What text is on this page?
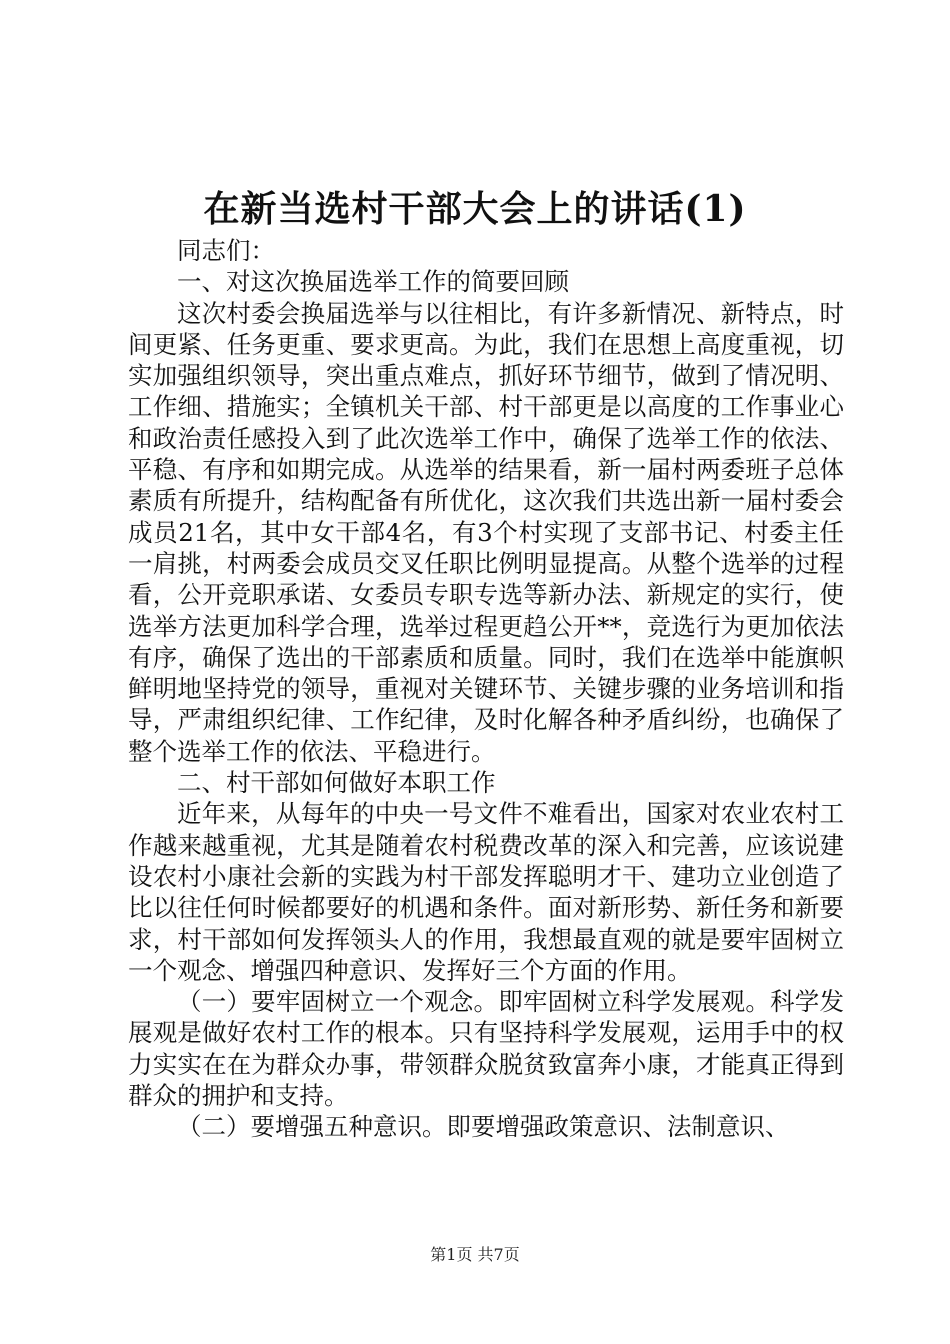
在新当选村干部大会上的讲话(1)

同志们：

一、对这次换届选举工作的简要回顾

这次村委会换届选举与以往相比，有许多新情况、新特点，时间更紧、任务更重、要求更高。为此，我们在思想上高度重视，切实加强组织领导，突出重点难点，抓好环节细节，做到了情况明、工作细、措施实；全镇机关干部、村干部更是以高度的工作事业心和政治责任感投入到了此次选举工作中，确保了选举工作的依法、平稳、有序和如期完成。从选举的结果看，新一届村两委班子总体素质有所提升，结构配备有所优化，这次我们共选出新一届村委会成员21名，其中女干部4名，有3个村实现了支部书记、村委主任一肩挑，村两委会成员交叉任职比例明显提高。从整个选举的过程看，公开竞职承诺、女委员专职专选等新办法、新规定的实行，使选举方法更加科学合理，选举过程更趋公开**，竞选行为更加依法有序，确保了选出的干部素质和质量。同时，我们在选举中能旗帜鲜明地坚持党的领导，重视对关键环节、关键步骤的业务培训和指导，严肃组织纪律、工作纪律，及时化解各种矛盾纠纷，也确保了整个选举工作的依法、平稳进行。

二、村干部如何做好本职工作

近年来，从每年的中央一号文件不难看出，国家对农业农村工作越来越重视，尤其是随着农村税费改革的深入和完善，应该说建设农村小康社会新的实践为村干部发挥聪明才干、建功立业创造了比以往任何时候都要好的机遇和条件。面对新形势、新任务和新要求，村干部如何发挥领头人的作用，我想最直观的就是要牢固树立一个观念、增强四种意识、发挥好三个方面的作用。

（一）要牢固树立一个观念。即牢固树立科学发展观。科学发展观是做好农村工作的根本。只有坚持科学发展观，运用手中的权力实实在在为群众办事，带领群众脱贫致富奔小康，才能真正得到群众的拥护和支持。

（二）要增强五种意识。即要增强政策意识、法制意识、

第1页 共7页
